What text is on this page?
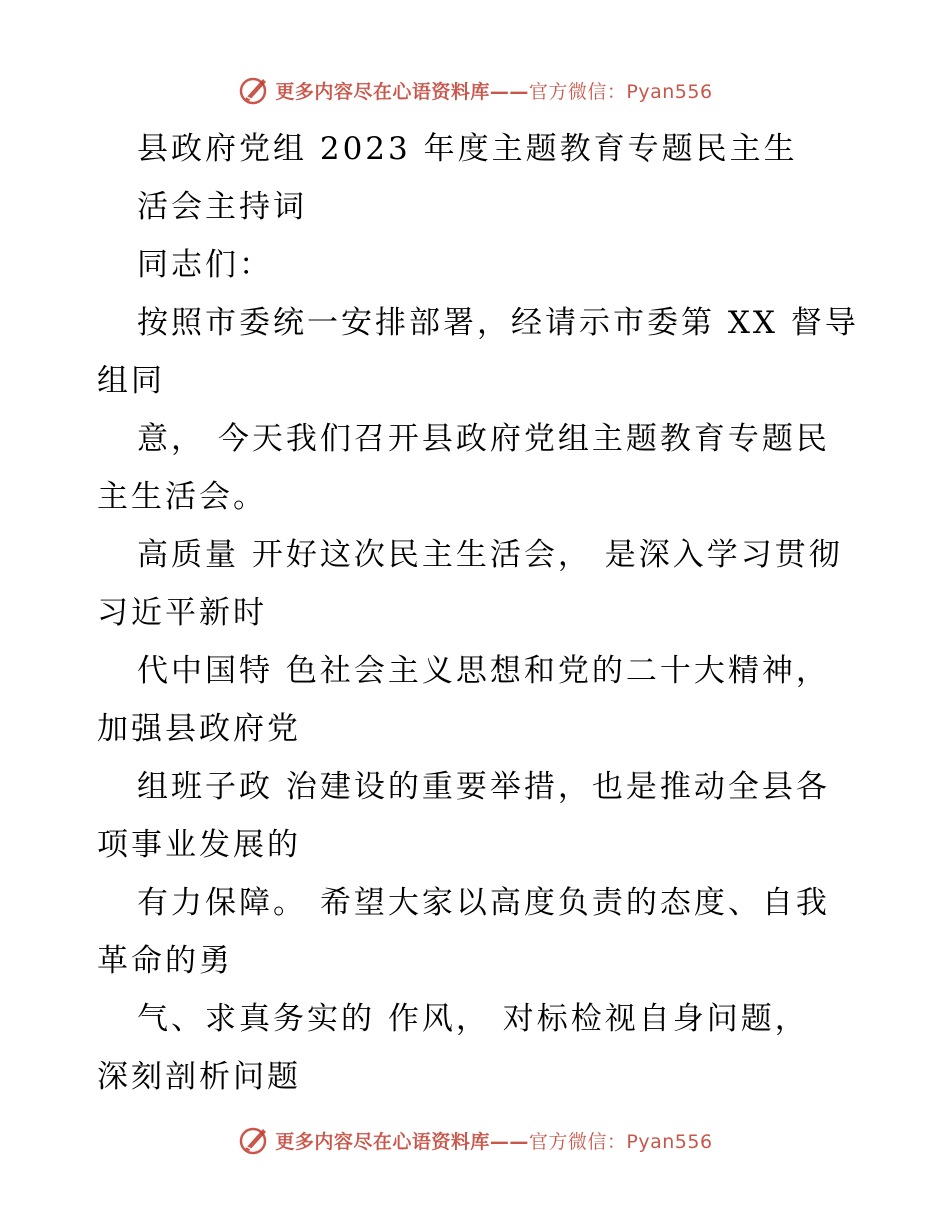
更多内容尽在心语资料库—— 官方微信：Pyan556
县政府党组 2023 年度主题教育专题民主生
活会主持词
同志们：
按照市委统一安排部署，经请示市委第 XX 督导
组同
意， 今天我们召开县政府党组主题教育专题民
主生活会。
高质量 开好这次民主生活会， 是深入学习贯彻
习近平新时
代中国特 色社会主义思想和党的二十大精神，
加强县政府党
组班子政 治建设的重要举措，也是推动全县各
项事业发展的
有力保障。 希望大家以高度负责的态度、自我
革命的勇
气、求真务实的 作风， 对标检视自身问题，
深刻剖析问题
更多内容尽在心语资料库—— 官方微信：Pyan556
